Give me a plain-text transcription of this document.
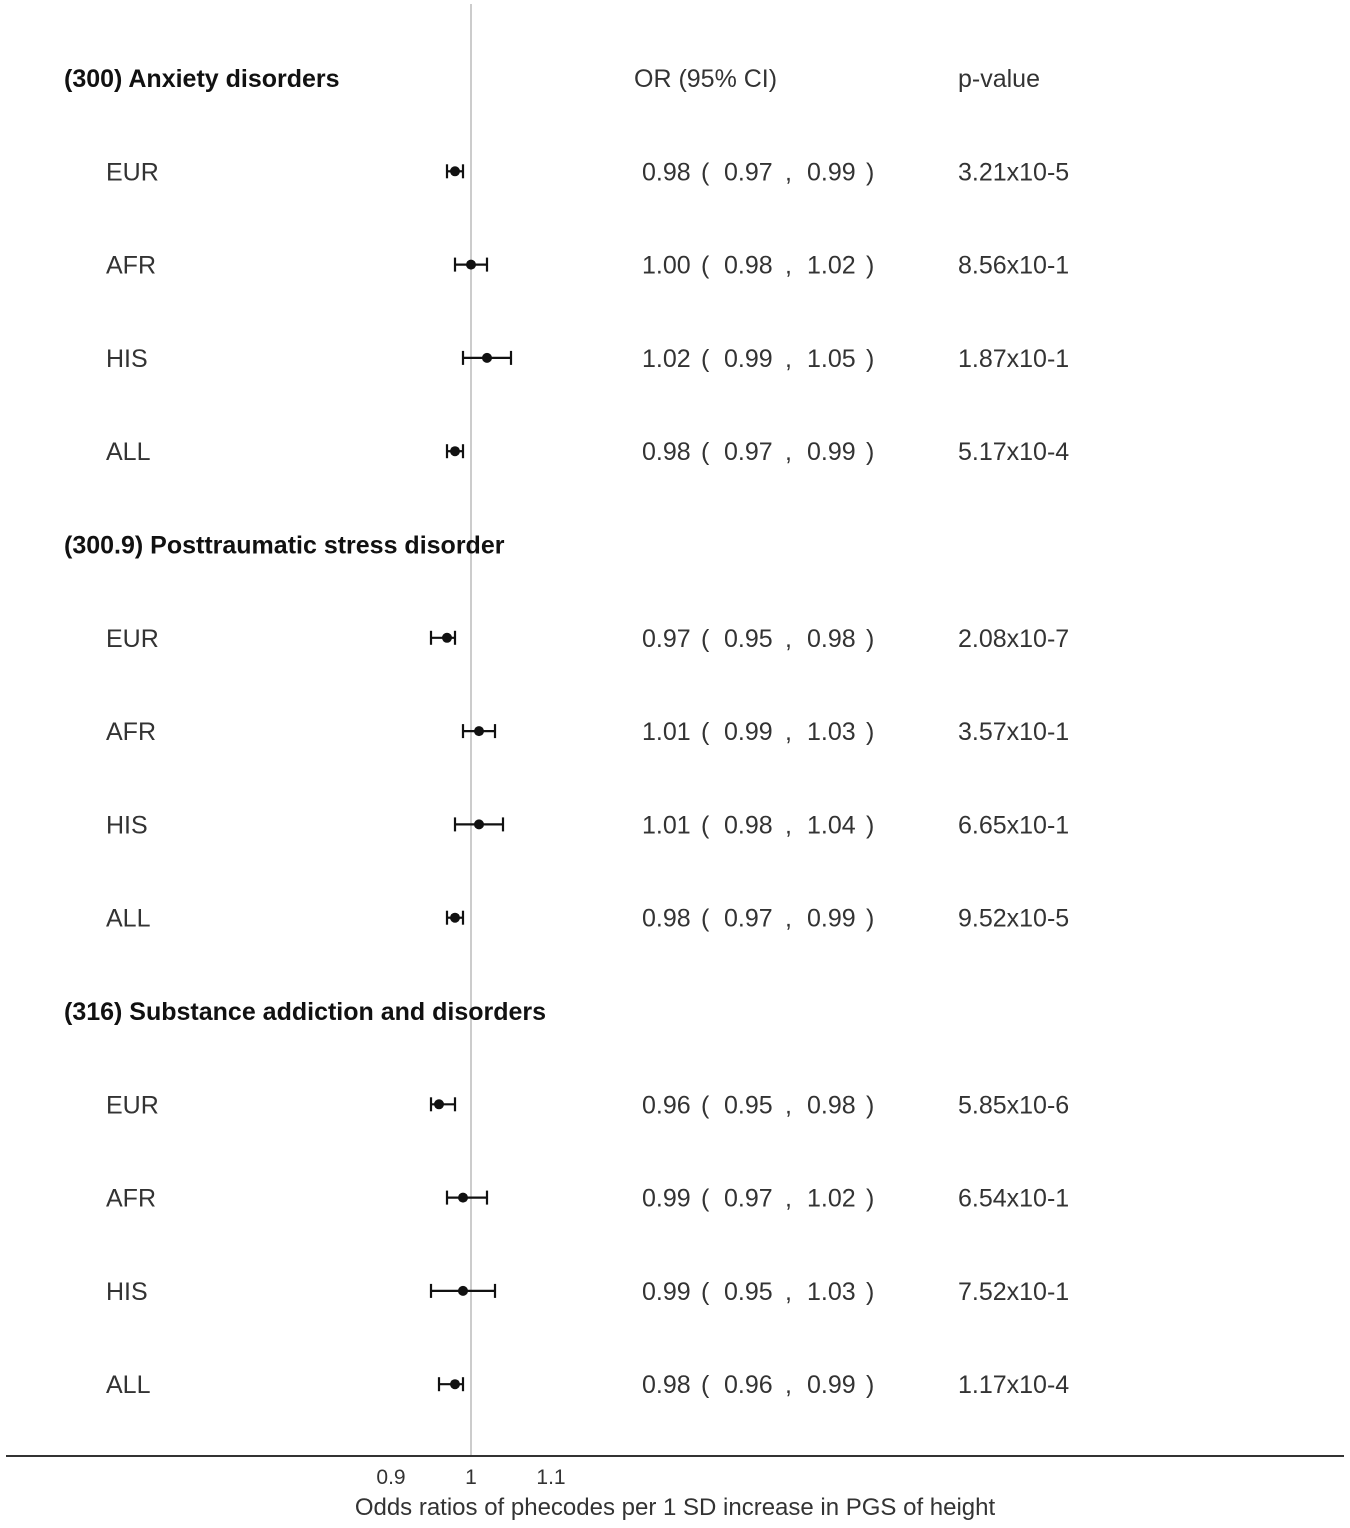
(300) Anxiety disorders
EUR	0.98 ( 0.97 , 0.99 )	3.21x10-5
AFR	1.00 ( 0.98 , 1.02 )	8.56x10-1
HIS	1.02 ( 0.99 , 1.05 )	1.87x10-1
ALL	0.98 ( 0.97 , 0.99 )	5.17x10-4
(300.9) Posttraumatic stress disorder
EUR	0.97 ( 0.95 , 0.98 )	2.08x10-7
AFR	1.01 ( 0.99 , 1.03 )	3.57x10-1
HIS	1.01 ( 0.98 , 1.04 )	6.65x10-1
ALL	0.98 ( 0.97 , 0.99 )	9.52x10-5
(316) Substance addiction and disorders
EUR	0.96 ( 0.95 , 0.98 )	5.85x10-6
AFR	0.99 ( 0.97 , 1.02 )	6.54x10-1
HIS	0.99 ( 0.95 , 1.03 )	7.52x10-1
ALL	0.98 ( 0.96 , 0.99 )	1.17x10-4
OR (95% CI)	p-value
0.9	1	1.1
Odds ratios of phecodes per 1 SD increase in PGS of height
